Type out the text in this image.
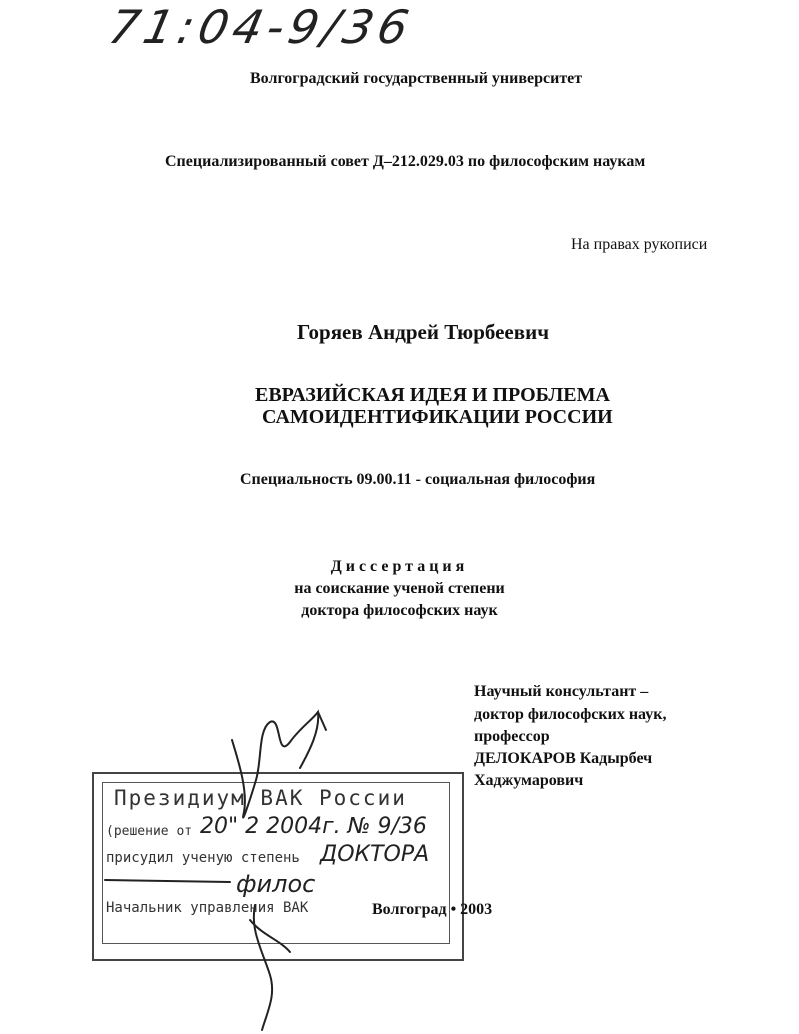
71:04-9/36
Волгоградский государственный университет
Специализированный совет Д–212.029.03 по философским наукам
На правах рукописи
Горяев Андрей Тюрбеевич
ЕВРАЗИЙСКАЯ ИДЕЯ И ПРОБЛЕМА
САМОИДЕНТИФИКАЦИИ РОССИИ
Специальность 09.00.11 - социальная философия
Диссертация
на соискание ученой степени
доктора философских наук
Научный консультант –
доктор философских наук,
профессор
ДЕЛОКАРОВ Кадырбеч
Хаджумарович
Президиум ВАК России
(решение от 20" 2 2004г. № 9/36
присудил ученую степень ДОКТОРА
филос
Начальник управления ВАК	Волгоград • 2003
